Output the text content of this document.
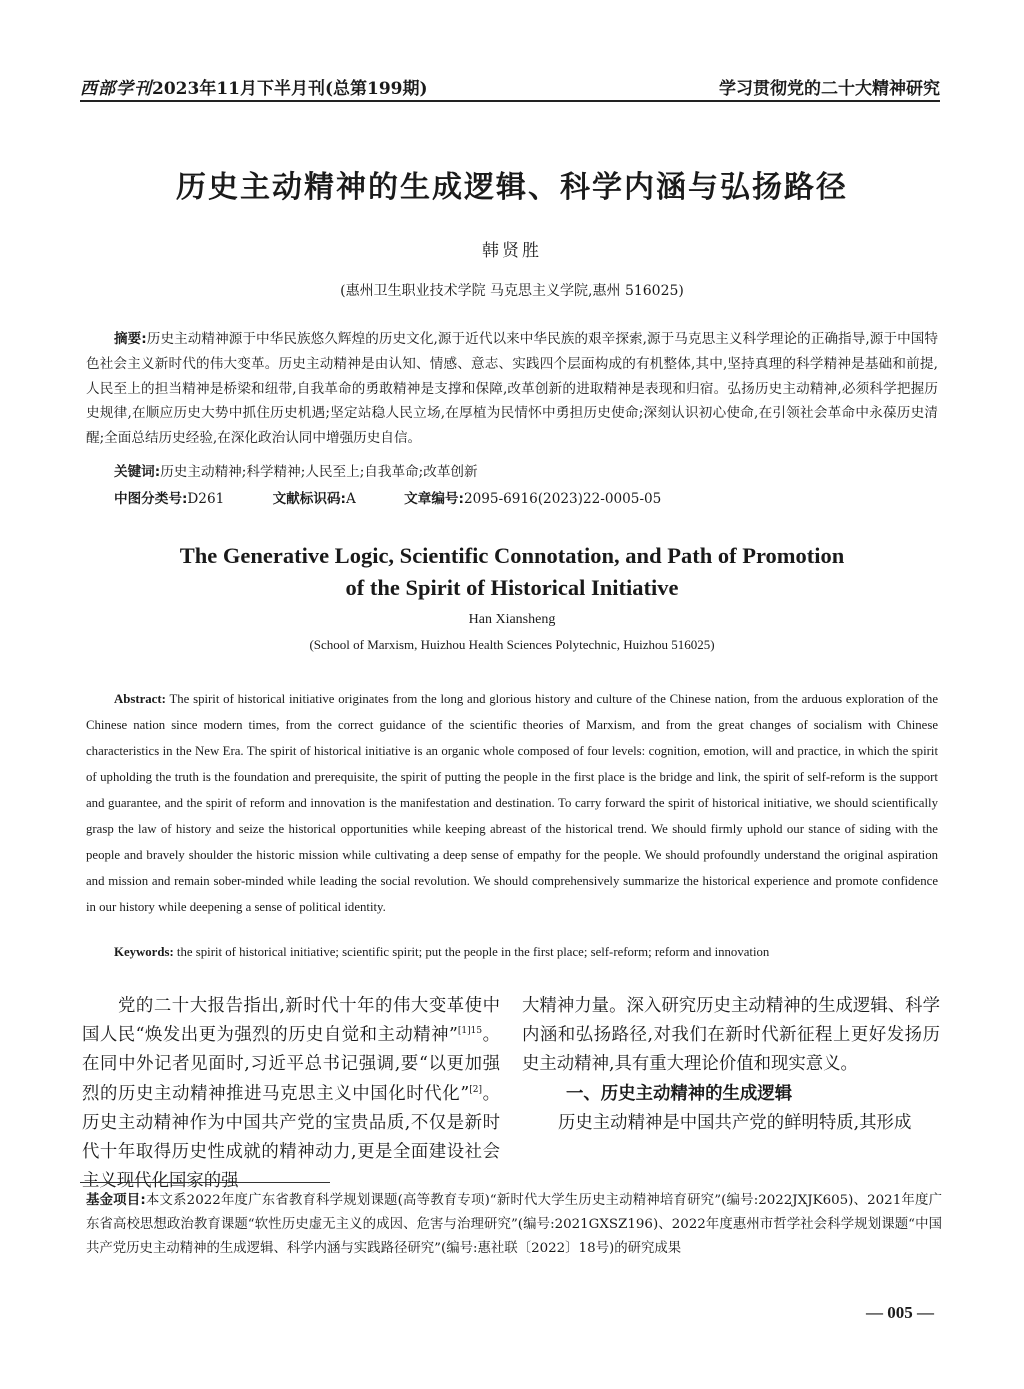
西部学刊2023年11月下半月刊(总第199期)	学习贯彻党的二十大精神研究
历史主动精神的生成逻辑、科学内涵与弘扬路径
韩贤胜
(惠州卫生职业技术学院 马克思主义学院,惠州 516025)
摘要:历史主动精神源于中华民族悠久辉煌的历史文化,源于近代以来中华民族的艰辛探索,源于马克思主义科学理论的正确指导,源于中国特色社会主义新时代的伟大变革。历史主动精神是由认知、情感、意志、实践四个层面构成的有机整体,其中,坚持真理的科学精神是基础和前提,人民至上的担当精神是桥梁和纽带,自我革命的勇敢精神是支撑和保障,改革创新的进取精神是表现和归宿。弘扬历史主动精神,必须科学把握历史规律,在顺应历史大势中抓住历史机遇;坚定站稳人民立场,在厚植为民情怀中勇担历史使命;深刻认识初心使命,在引领社会革命中永葆历史清醒;全面总结历史经验,在深化政治认同中增强历史自信。
关键词:历史主动精神;科学精神;人民至上;自我革命;改革创新
中图分类号:D261	文献标识码:A	文章编号:2095-6916(2023)22-0005-05
The Generative Logic, Scientific Connotation, and Path of Promotion
of the Spirit of Historical Initiative
Han Xiansheng
(School of Marxism, Huizhou Health Sciences Polytechnic, Huizhou 516025)
Abstract: The spirit of historical initiative originates from the long and glorious history and culture of the Chinese nation, from the arduous exploration of the Chinese nation since modern times, from the correct guidance of the scientific theories of Marxism, and from the great changes of socialism with Chinese characteristics in the New Era. The spirit of historical initiative is an organic whole composed of four levels: cognition, emotion, will and practice, in which the spirit of upholding the truth is the foundation and prerequisite, the spirit of putting the people in the first place is the bridge and link, the spirit of self-reform is the support and guarantee, and the spirit of reform and innovation is the manifestation and destination. To carry forward the spirit of historical initiative, we should scientifically grasp the law of history and seize the historical opportunities while keeping abreast of the historical trend. We should firmly uphold our stance of siding with the people and bravely shoulder the historic mission while cultivating a deep sense of empathy for the people. We should profoundly understand the original aspiration and mission and remain sober-minded while leading the social revolution. We should comprehensively summarize the historical experience and promote confidence in our history while deepening a sense of political identity.
Keywords: the spirit of historical initiative; scientific spirit; put the people in the first place; self-reform; reform and innovation

党的二十大报告指出,新时代十年的伟大变革使中国人民“焕发出更为强烈的历史自觉和主动精神”$^{[1]15}$。在同中外记者见面时,习近平总书记强调,要“以更加强烈的历史主动精神推进马克思主义中国化时代化”[2]。历史主动精神作为中国共产党的宝贵品质,不仅是新时代十年取得历史性成就的精神动力,更是全面建设社会主义现代化国家的强

大精神力量。深入研究历史主动精神的生成逻辑、科学内涵和弘扬路径,对我们在新时代新征程上更好发扬历史主动精神,具有重大理论价值和现实意义。

一、历史主动精神的生成逻辑

历史主动精神是中国共产党的鲜明特质,其形成

基金项目:本文系2022年度广东省教育科学规划课题(高等教育专项)“新时代大学生历史主动精神培育研究”(编号:2022JXJK605)、2021年度广东省高校思想政治教育课题“软性历史虚无主义的成因、危害与治理研究”(编号:2021GXSZ196)、2022年度惠州市哲学社会科学规划课题“中国共产党历史主动精神的生成逻辑、科学内涵与实践路径研究”(编号:惠社联〔2022〕18号)的研究成果
— 005 —
